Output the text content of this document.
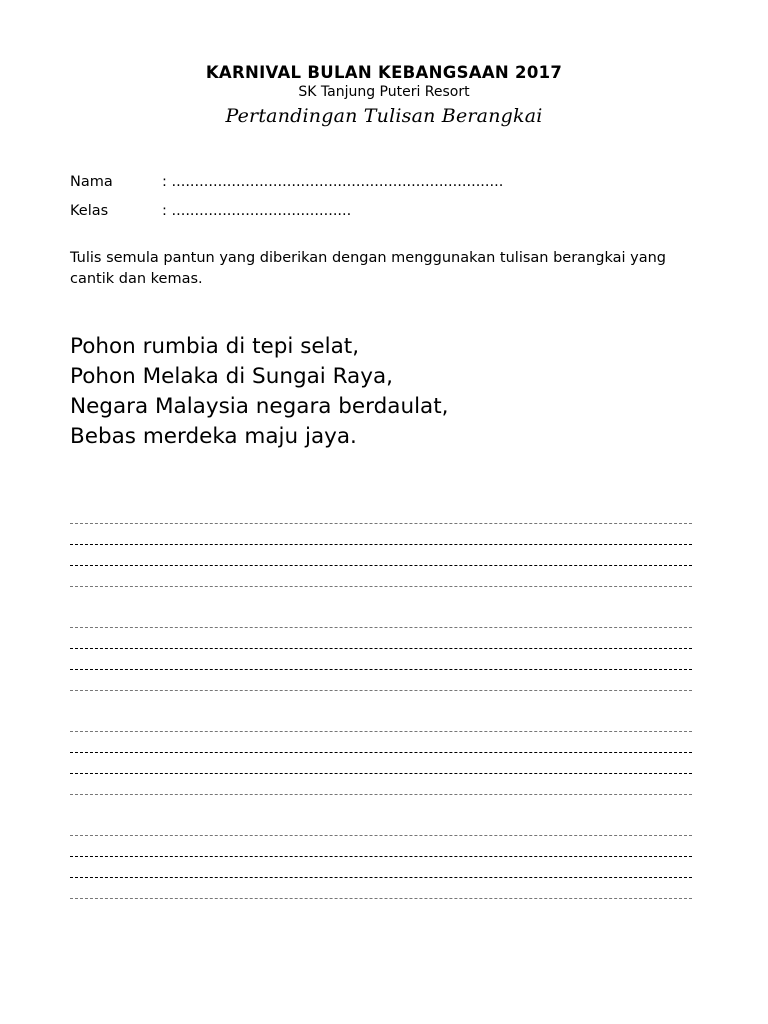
KARNIVAL BULAN KEBANGSAAN 2017
SK Tanjung Puteri Resort
Pertandingan Tulisan Berangkai
Nama	: ........................................................................
Kelas	: .......................................
Tulis semula pantun yang diberikan dengan menggunakan tulisan berangkai yang cantik dan kemas.
Pohon rumbia di tepi selat,
Pohon Melaka di Sungai Raya,
Negara Malaysia negara berdaulat,
Bebas merdeka maju jaya.
